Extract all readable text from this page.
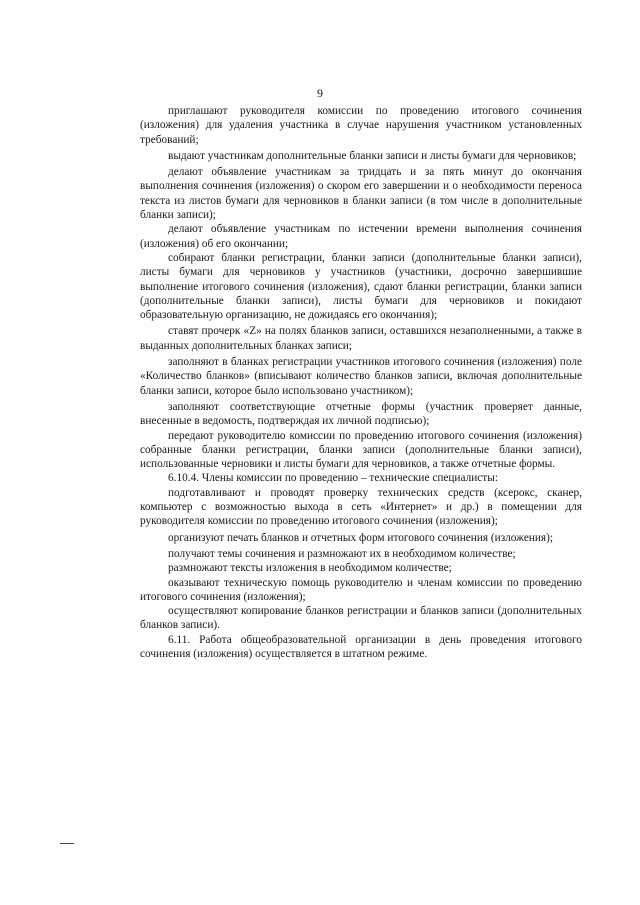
9

приглашают руководителя комиссии по проведению итогового сочинения (изложения) для удаления участника в случае нарушения участником установленных требований;

выдают участникам дополнительные бланки записи и листы бумаги для черновиков;

делают объявление участникам за тридцать и за пять минут до окончания выполнения сочинения (изложения) о скором его завершении и о необходимости переноса текста из листов бумаги для черновиков в бланки записи (в том числе в дополнительные бланки записи);

делают объявление участникам по истечении времени выполнения сочинения (изложения) об его окончании;

собирают бланки регистрации, бланки записи (дополнительные бланки записи), листы бумаги для черновиков у участников (участники, досрочно завершившие выполнение итогового сочинения (изложения), сдают бланки регистрации, бланки записи (дополнительные бланки записи), листы бумаги для черновиков и покидают образовательную организацию, не дожидаясь его окончания);

ставят прочерк «Z» на полях бланков записи, оставшихся незаполненными, а также в выданных дополнительных бланках записи;

заполняют в бланках регистрации участников итогового сочинения (изложения) поле «Количество бланков» (вписывают количество бланков записи, включая дополнительные бланки записи, которое было использовано участником);

заполняют соответствующие отчетные формы (участник проверяет данные, внесенные в ведомость, подтверждая их личной подписью);

передают руководителю комиссии по проведению итогового сочинения (изложения) собранные бланки регистрации, бланки записи (дополнительные бланки записи), использованные черновики и листы бумаги для черновиков, а также отчетные формы.

6.10.4. Члены комиссии по проведению – технические специалисты:

подготавливают и проводят проверку технических средств (ксерокс, сканер, компьютер с возможностью выхода в сеть «Интернет» и др.) в помещении для руководителя комиссии по проведению итогового сочинения (изложения);

организуют печать бланков и отчетных форм итогового сочинения (изложения);

получают темы сочинения и размножают их в необходимом количестве;

размножают тексты изложения в необходимом количестве;

оказывают техническую помощь руководителю и членам комиссии по проведению итогового сочинения (изложения);

осуществляют копирование бланков регистрации и бланков записи (дополнительных бланков записи).

6.11. Работа общеобразовательной организации в день проведения итогового сочинения (изложения) осуществляется в штатном режиме.
